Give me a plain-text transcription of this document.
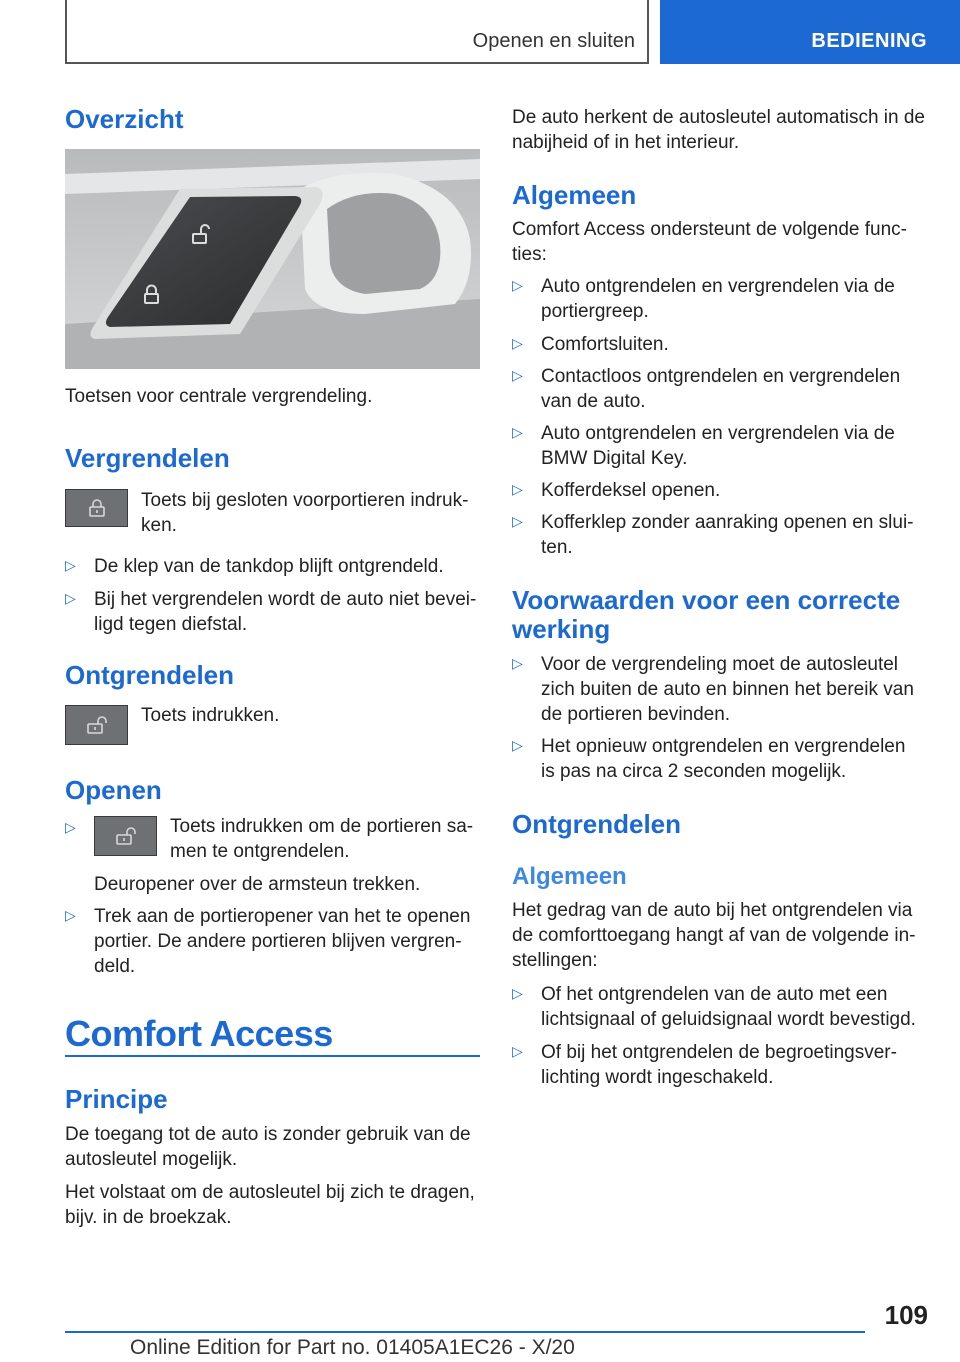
Openen en sluiten	BEDIENING
Overzicht

Toetsen voor centrale vergrendeling.

Vergrendelen

Toets bij gesloten voorportieren indruk-

ken.

▷ De klep van de tankdop blijft ontgrendeld.

▷ Bij het vergrendelen wordt de auto niet bevei-

ligd tegen diefstal.

Ontgrendelen

Toets indrukken.

Openen
▷	Toets indrukken om de portieren sa-

men te ontgrendelen.

Deuropener over de armsteun trekken.

▷ Trek aan de portieropener van het te openen

portier. De andere portieren blijven vergren-

deld.

Comfort Access
Principe

De toegang tot de auto is zonder gebruik van de

autosleutel mogelijk.

Het volstaat om de autosleutel bij zich te dragen,

bijv. in de broekzak.

De auto herkent de autosleutel automatisch in de

nabijheid of in het interieur.

Algemeen

Comfort Access ondersteunt de volgende func-

ties:

▷ Auto ontgrendelen en vergrendelen via de

portiergreep.

▷ Comfortsluiten.

▷ Contactloos ontgrendelen en vergrendelen

van de auto.

▷ Auto ontgrendelen en vergrendelen via de

BMW Digital Key.

▷ Kofferdeksel openen.

▷ Kofferklep zonder aanraking openen en slui-

ten.

Voorwaarden voor een correcte
werking
▷ Voor de vergrendeling moet de autosleutel

zich buiten de auto en binnen het bereik van

de portieren bevinden.

▷ Het opnieuw ontgrendelen en vergrendelen

is pas na circa 2 seconden mogelijk.

Ontgrendelen
Algemeen

Het gedrag van de auto bij het ontgrendelen via

de comforttoegang hangt af van de volgende in-

stellingen:

▷ Of het ontgrendelen van de auto met een

lichtsignaal of geluidsignaal wordt bevestigd.

▷ Of bij het ontgrendelen de begroetingsver-

lichting wordt ingeschakeld.

109
Online Edition for Part no. 01405A1EC26 - X/20
